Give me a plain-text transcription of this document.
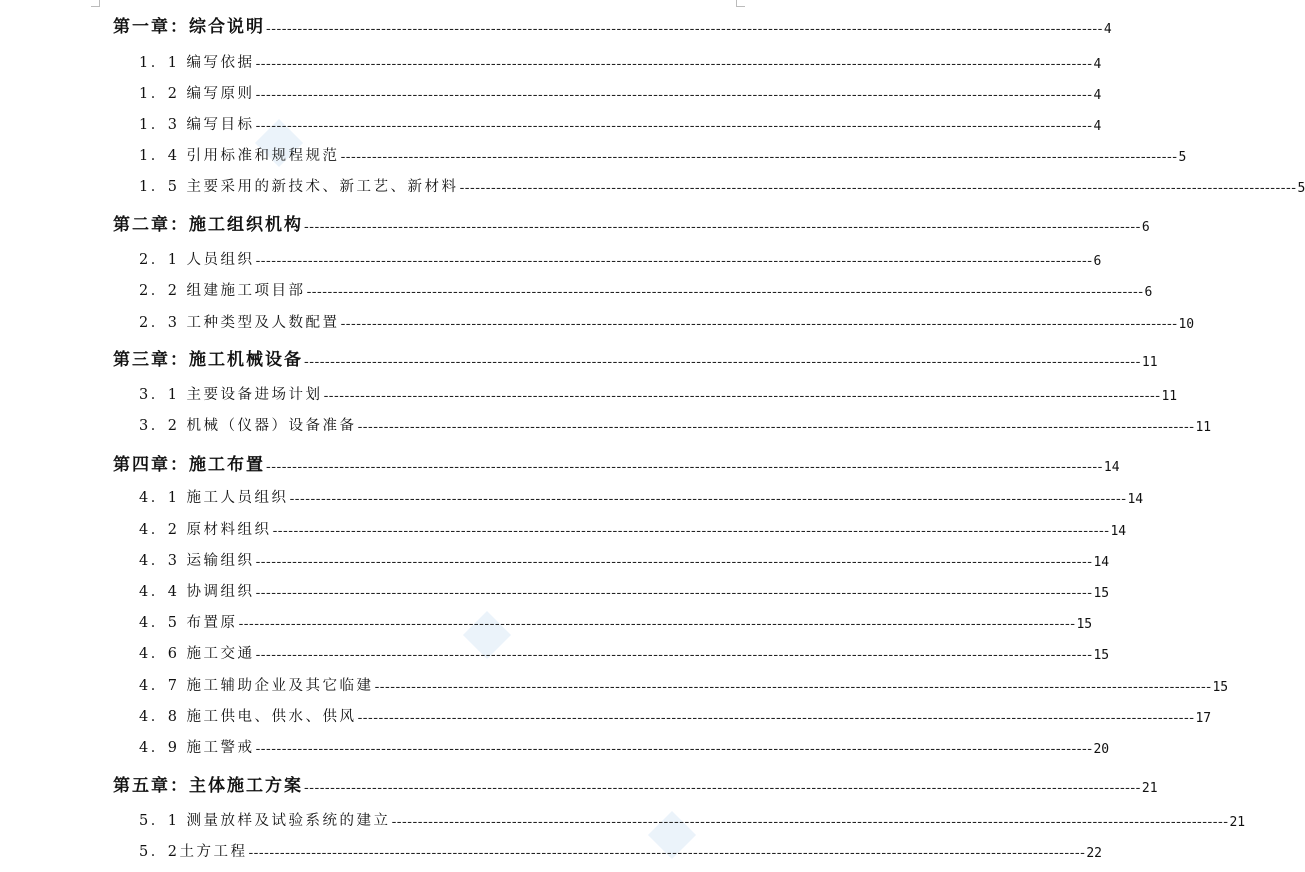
第一章：综合说明 ---------------------------------------------------------------------------------------------------------------------------------------------------------------- 4
1．1 编写依据 ---------------------------------------------------------------------------------------------------------------------------------------------------------------- 4
1．2 编写原则 ---------------------------------------------------------------------------------------------------------------------------------------------------------------- 4
1．3 编写目标 ---------------------------------------------------------------------------------------------------------------------------------------------------------------- 4
1．4 引用标准和规程规范 ---------------------------------------------------------------------------------------------------------------------------------------------------------------- 5
1．5 主要采用的新技术、新工艺、新材料 ---------------------------------------------------------------------------------------------------------------------------------------------------------------- 5
第二章：施工组织机构 ---------------------------------------------------------------------------------------------------------------------------------------------------------------- 6
2．1 人员组织 ---------------------------------------------------------------------------------------------------------------------------------------------------------------- 6
2．2 组建施工项目部 ---------------------------------------------------------------------------------------------------------------------------------------------------------------- 6
2．3 工种类型及人数配置 ---------------------------------------------------------------------------------------------------------------------------------------------------------------- 10
第三章：施工机械设备 ---------------------------------------------------------------------------------------------------------------------------------------------------------------- 11
3．1 主要设备进场计划 ---------------------------------------------------------------------------------------------------------------------------------------------------------------- 11
3．2 机械（仪器）设备准备 ---------------------------------------------------------------------------------------------------------------------------------------------------------------- 11
第四章：施工布置 ---------------------------------------------------------------------------------------------------------------------------------------------------------------- 14
4．1 施工人员组织 ---------------------------------------------------------------------------------------------------------------------------------------------------------------- 14
4．2 原材料组织 ---------------------------------------------------------------------------------------------------------------------------------------------------------------- 14
4．3 运输组织 ---------------------------------------------------------------------------------------------------------------------------------------------------------------- 14
4．4 协调组织 ---------------------------------------------------------------------------------------------------------------------------------------------------------------- 15
4．5 布置原 ---------------------------------------------------------------------------------------------------------------------------------------------------------------- 15
4．6 施工交通 ---------------------------------------------------------------------------------------------------------------------------------------------------------------- 15
4．7 施工辅助企业及其它临建 ---------------------------------------------------------------------------------------------------------------------------------------------------------------- 15
4．8 施工供电、供水、供风 ---------------------------------------------------------------------------------------------------------------------------------------------------------------- 17
4．9 施工警戒 ---------------------------------------------------------------------------------------------------------------------------------------------------------------- 20
第五章：主体施工方案 ---------------------------------------------------------------------------------------------------------------------------------------------------------------- 21
5．1 测量放样及试验系统的建立 ---------------------------------------------------------------------------------------------------------------------------------------------------------------- 21
5．2土方工程 ---------------------------------------------------------------------------------------------------------------------------------------------------------------- 22
